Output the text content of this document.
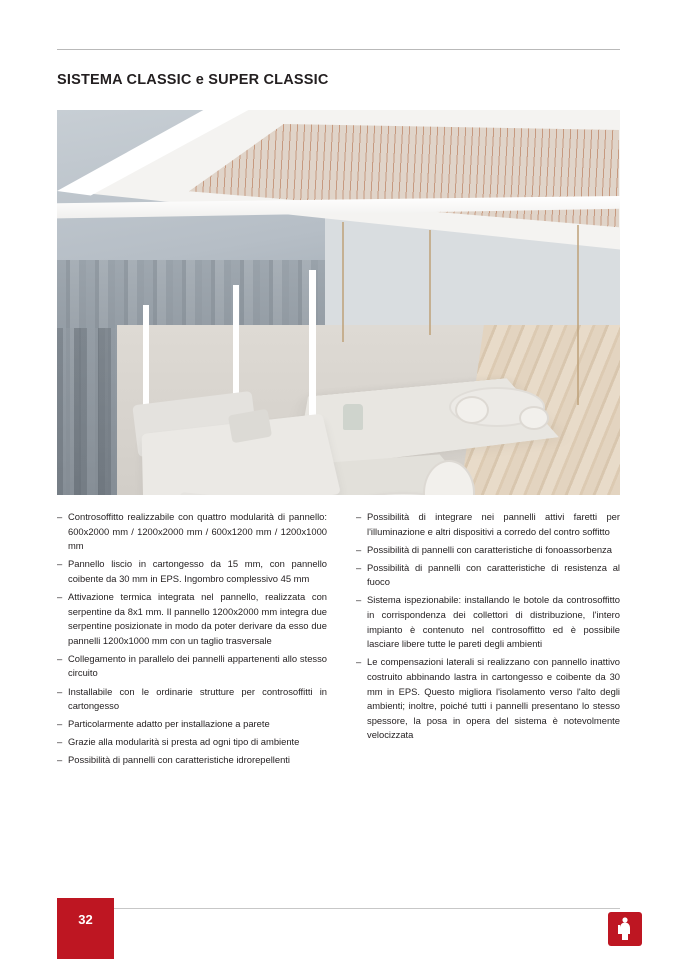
SISTEMA CLASSIC e SUPER CLASSIC
– Controsoffitto realizzabile con quattro modularità di pannello: 600x2000 mm / 1200x2000 mm / 600x1200 mm / 1200x1000 mm
– Pannello liscio in cartongesso da 15 mm, con pannello coibente da 30 mm in EPS. Ingombro complessivo 45 mm
– Attivazione termica integrata nel pannello, realizzata con serpentine da 8x1 mm. Il pannello 1200x2000 mm integra due serpentine posizionate in modo da poter derivare da esso due pannelli 1200x1000 mm con un taglio trasversale
– Collegamento in parallelo dei pannelli appartenenti allo stesso circuito
– Installabile con le ordinarie strutture per controsoffitti in cartongesso
– Particolarmente adatto per installazione a parete
– Grazie alla modularità si presta ad ogni tipo di ambiente
– Possibilità di pannelli con caratteristiche idrorepellenti
– Possibilità di integrare nei pannelli attivi faretti per l'illuminazione e altri dispositivi a corredo del contro soffitto
– Possibilità di pannelli con caratteristiche di fonoassorbenza
– Possibilità di pannelli con caratteristiche di resistenza al fuoco
– Sistema ispezionabile: installando le botole da controsoffitto in corrispondenza dei collettori di distribuzione, l'intero impianto è contenuto nel controsoffitto ed è possibile lasciare libere tutte le pareti degli ambienti
– Le compensazioni laterali si realizzano con pannello inattivo costruito abbinando lastra in cartongesso e coibente da 30 mm in EPS. Questo migliora l'isolamento verso l'alto degli ambienti; inoltre, poiché tutti i pannelli presentano lo stesso spessore, la posa in opera del sistema è notevolmente velocizzata
32
